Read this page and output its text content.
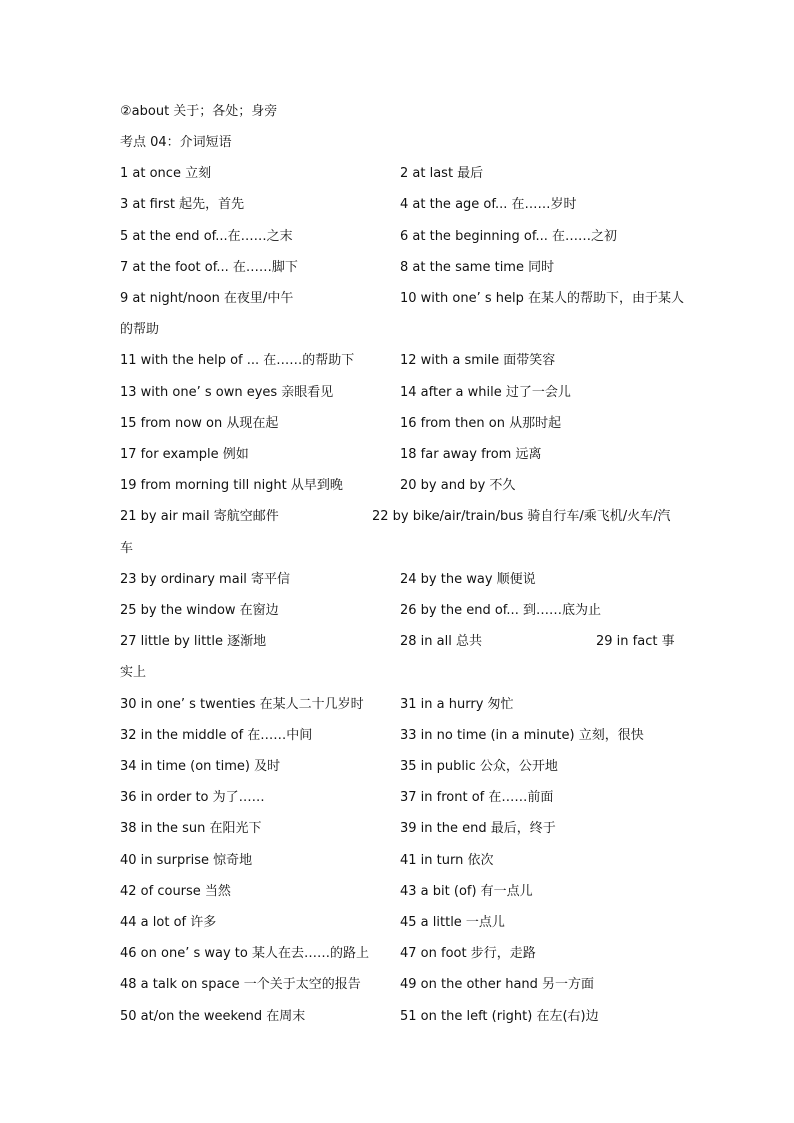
②about 关于；各处；身旁
考点 04：介词短语
1 at once 立刻	2 at last 最后
3 at first 起先，首先	4 at the age of... 在……岁时
5 at the end of...在……之末	6 at the beginning of... 在……之初
7 at the foot of... 在……脚下	8 at the same time 同时
9 at night/noon 在夜里/中午	10 with one’ s help 在某人的帮助下，由于某人
的帮助
11 with the help of ... 在……的帮助下	12 with a smile 面带笑容
13 with one’ s own eyes 亲眼看见	14 after a while 过了一会儿
15 from now on 从现在起	16 from then on 从那时起
17 for example 例如	18 far away from 远离
19 from morning till night 从早到晚	20 by and by 不久
21 by air mail 寄航空邮件	22 by bike/air/train/bus 骑自行车/乘飞机/火车/汽
车
23 by ordinary mail 寄平信	24 by the way 顺便说
25 by the window 在窗边	26 by the end of... 到……底为止
27 little by little 逐渐地	28 in all 总共	29 in fact 事
实上
30 in one’ s twenties 在某人二十几岁时	31 in a hurry 匆忙
32 in the middle of 在……中间	33 in no time (in a minute) 立刻，很快
34 in time (on time) 及时	35 in public 公众，公开地
36 in order to 为了……	37 in front of 在……前面
38 in the sun 在阳光下	39 in the end 最后，终于
40 in surprise 惊奇地	41 in turn 依次
42 of course 当然	43 a bit (of) 有一点儿
44 a lot of 许多	45 a little 一点儿
46 on one’ s way to 某人在去……的路上 47 on foot 步行，走路
48 a talk on space 一个关于太空的报告	49 on the other hand 另一方面
50 at/on the weekend 在周末	51 on the left (right) 在左(右)边
